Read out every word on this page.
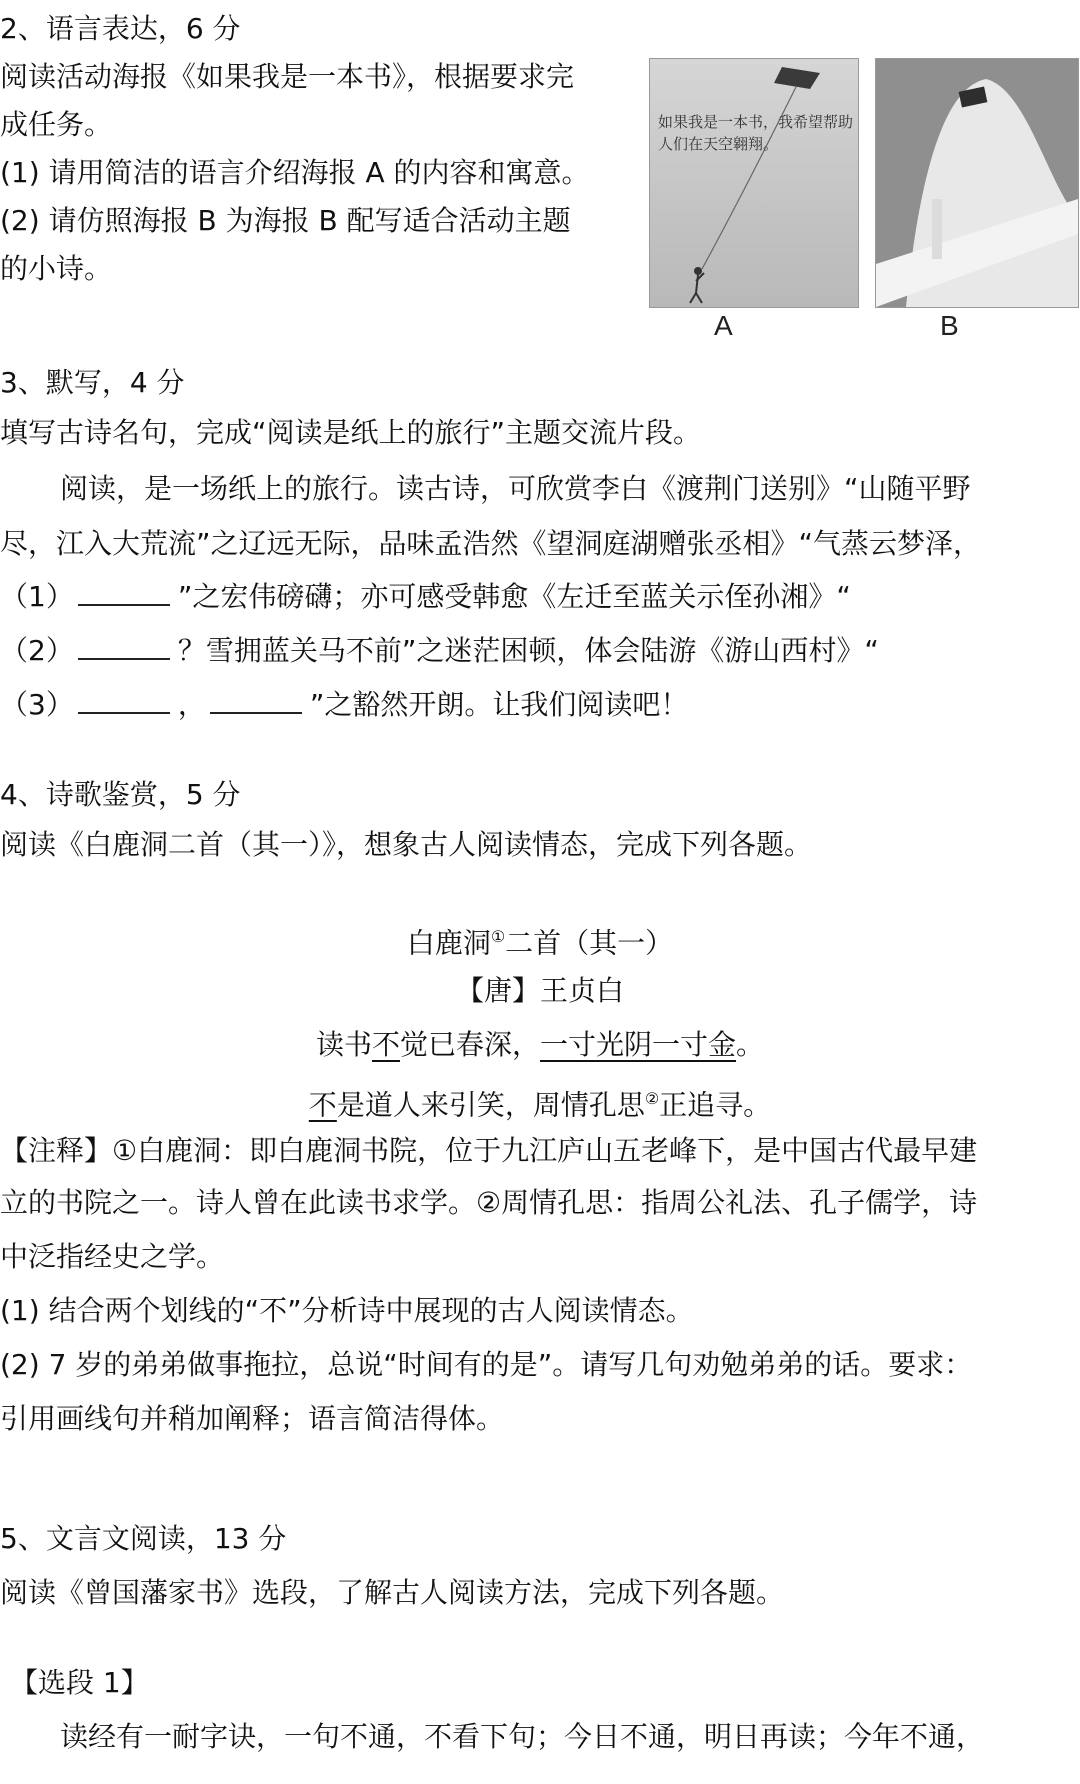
2、语言表达，6 分
阅读活动海报《如果我是一本书》，根据要求完
成任务。
(1) 请用简洁的语言介绍海报 A 的内容和寓意。
(2) 请仿照海报 B 为海报 B 配写适合活动主题
的小诗。
如果我是一本书，我希望帮助人们在天空翱翔。
A	B
3、默写，4 分
填写古诗名句，完成“阅读是纸上的旅行”主题交流片段。
阅读，是一场纸上的旅行。读古诗，可欣赏李白《渡荆门送别》“山随平野
尽，江入大荒流”之辽远无际，品味孟浩然《望洞庭湖赠张丞相》“气蒸云梦泽，
（1）	”之宏伟磅礴；亦可感受韩愈《左迁至蓝关示侄孙湘》“
（2）	？雪拥蓝关马不前”之迷茫困顿，体会陆游《游山西村》“
（3）	，	”之豁然开朗。让我们阅读吧！
4、诗歌鉴赏，5 分
阅读《白鹿洞二首（其一）》，想象古人阅读情态，完成下列各题。
白鹿洞①二首（其一）
【唐】王贞白
读书不觉已春深，一寸光阴一寸金。
不是道人来引笑，周情孔思②正追寻。
【注释】①白鹿洞：即白鹿洞书院，位于九江庐山五老峰下，是中国古代最早建
立的书院之一。诗人曾在此读书求学。②周情孔思：指周公礼法、孔子儒学，诗
中泛指经史之学。
(1) 结合两个划线的“不”分析诗中展现的古人阅读情态。
(2) 7 岁的弟弟做事拖拉，总说“时间有的是”。请写几句劝勉弟弟的话。要求：
引用画线句并稍加阐释；语言简洁得体。
5、文言文阅读，13 分
阅读《曾国藩家书》选段，了解古人阅读方法，完成下列各题。
【选段 1】
读经有一耐字诀，一句不通，不看下句；今日不通，明日再读；今年不通，
